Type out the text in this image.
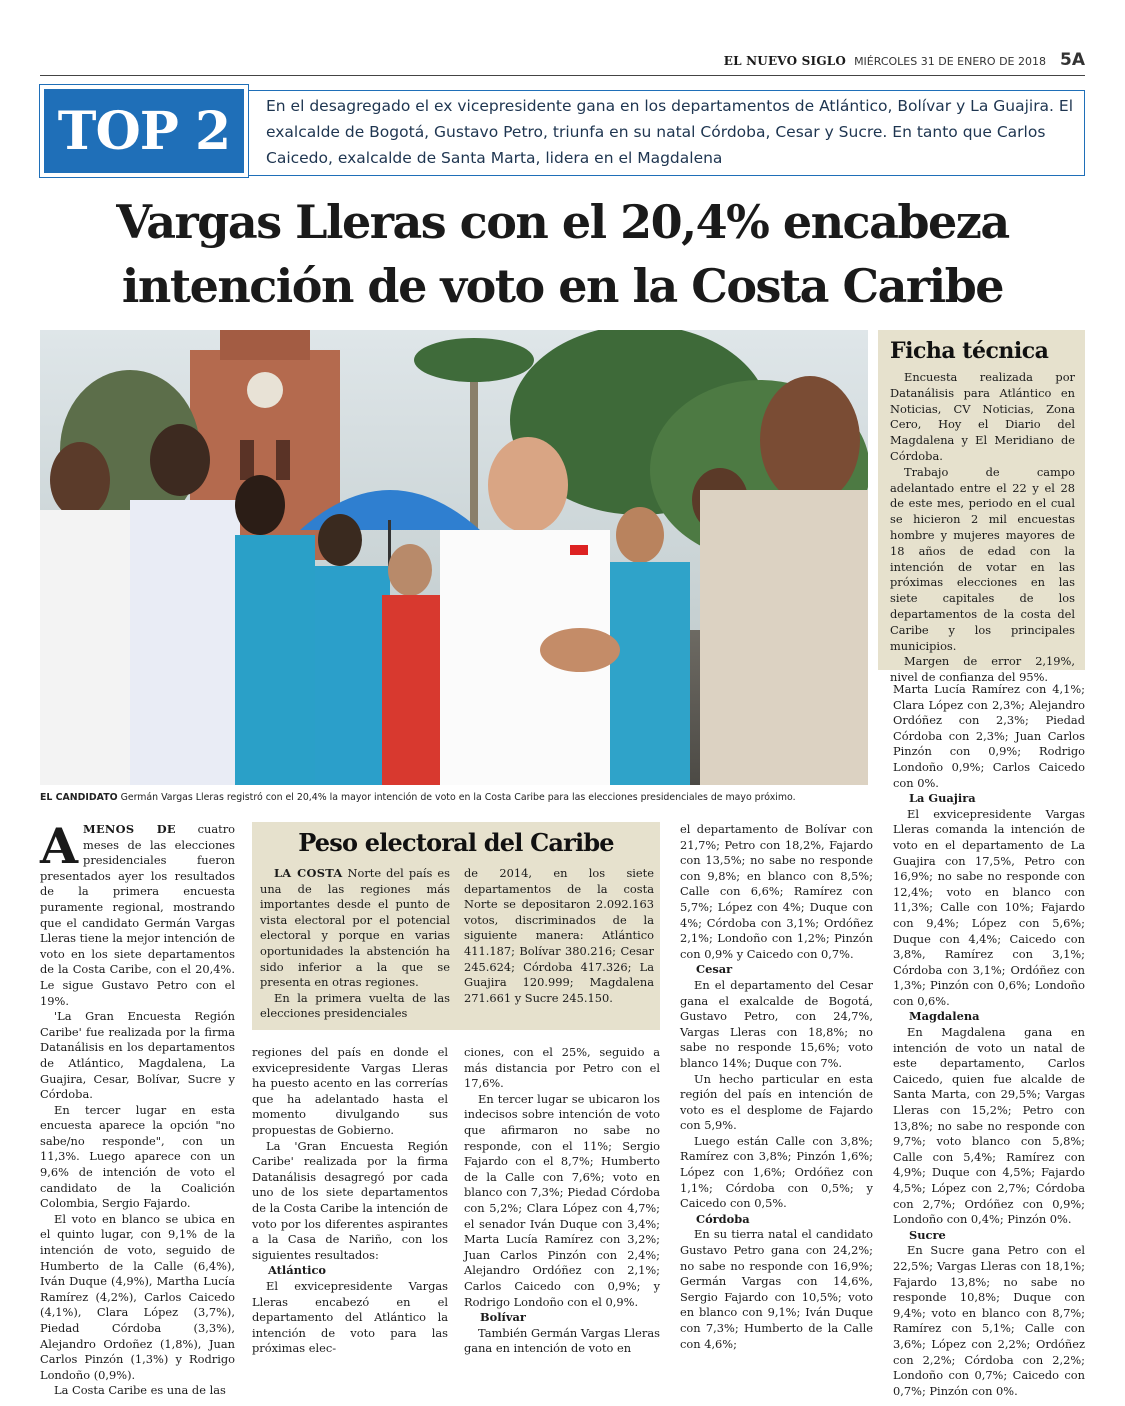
EL NUEVO SIGLO MIÉRCOLES 31 DE ENERO DE 2018 5A
TOP 2 En el desagregado el ex vicepresidente gana en los departamentos de Atlántico, Bolívar y La Guajira. El exalcalde de Bogotá, Gustavo Petro, triunfa en su natal Córdoba, Cesar y Sucre. En tanto que Carlos Caicedo, exalcalde de Santa Marta, lidera en el Magdalena
Vargas Lleras con el 20,4% encabeza
intención de voto en la Costa Caribe
EL CANDIDATO Germán Vargas Lleras registró con el 20,4% la mayor intención de voto en la Costa Caribe para las elecciones presidenciales de mayo próximo.
Ficha técnica

Encuesta realizada por Datanálisis para Atlántico en Noticias, CV Noticias, Zona Cero, Hoy el Diario del Magdalena y El Meridiano de Córdoba.

Trabajo de campo adelantado entre el 22 y el 28 de este mes, periodo en el cual se hicieron 2 mil encuestas hombre y mujeres mayores de 18 años de edad con la intención de votar en las próximas elecciones en las siete capitales de los departamentos de la costa del Caribe y los principales municipios.

Margen de error 2,19%, nivel de confianza del 95%.

AMENOS DE cuatro meses de las elecciones presidenciales fueron presentados ayer los resultados de la primera encuesta puramente regional, mostrando que el candidato Germán Vargas Lleras tiene la mejor intención de voto en los siete departamentos de la Costa Caribe, con el 20,4%. Le sigue Gustavo Petro con el 19%.

'La Gran Encuesta Región Caribe' fue realizada por la firma Datanálisis en los departamentos de Atlántico, Magdalena, La Guajira, Cesar, Bolívar, Sucre y Córdoba.

En tercer lugar en esta encuesta aparece la opción "no sabe/no responde", con un 11,3%. Luego aparece con un 9,6% de intención de voto el candidato de la Coalición Colombia, Sergio Fajardo.

El voto en blanco se ubica en el quinto lugar, con 9,1% de la intención de voto, seguido de Humberto de la Calle (6,4%), Iván Duque (4,9%), Martha Lucía Ramírez (4,2%), Carlos Caicedo (4,1%), Clara López (3,7%), Piedad Córdoba (3,3%), Alejandro Ordoñez (1,8%), Juan Carlos Pinzón (1,3%) y Rodrigo Londoño (0,9%).

La Costa Caribe es una de las

Peso electoral del Caribe

LA COSTA Norte del país es una de las regiones más importantes desde el punto de vista electoral por el potencial electoral y porque en varias oportunidades la abstención ha sido inferior a la que se presenta en otras regiones.

En la primera vuelta de las elecciones presidenciales

de 2014, en los siete departamentos de la costa Norte se depositaron 2.092.163 votos, discriminados de la siguiente manera: Atlántico 411.187; Bolívar 380.216; Cesar 245.624; Córdoba 417.326; La Guajira 120.999; Magdalena 271.661 y Sucre 245.150.

regiones del país en donde el exvicepresidente Vargas Lleras ha puesto acento en las correrías que ha adelantado hasta el momento divulgando sus propuestas de Gobierno.

La 'Gran Encuesta Región Caribe' realizada por la firma Datanálisis desagregó por cada uno de los siete departamentos de la Costa Caribe la intención de voto por los diferentes aspirantes a la Casa de Nariño, con los siguientes resultados:

Atlántico

El exvicepresidente Vargas Lleras encabezó en el departamento del Atlántico la intención de voto para las próximas elec-

ciones, con el 25%, seguido a más distancia por Petro con el 17,6%.

En tercer lugar se ubicaron los indecisos sobre intención de voto que afirmaron no sabe no responde, con el 11%; Sergio Fajardo con el 8,7%; Humberto de la Calle con 7,6%; voto en blanco con 7,3%; Piedad Córdoba con 5,2%; Clara López con 4,7%; el senador Iván Duque con 3,4%; Marta Lucía Ramírez con 3,2%; Juan Carlos Pinzón con 2,4%; Alejandro Ordóñez con 2,1%; Carlos Caicedo con 0,9%; y Rodrigo Londoño con el 0,9%.

Bolívar

También Germán Vargas Lleras gana en intención de voto en

el departamento de Bolívar con 21,7%; Petro con 18,2%, Fajardo con 13,5%; no sabe no responde con 9,8%; en blanco con 8,5%; Calle con 6,6%; Ramírez con 5,7%; López con 4%; Duque con 4%; Córdoba con 3,1%; Ordóñez 2,1%; Londoño con 1,2%; Pinzón con 0,9% y Caicedo con 0,7%.

Cesar

En el departamento del Cesar gana el exalcalde de Bogotá, Gustavo Petro, con 24,7%, Vargas Lleras con 18,8%; no sabe no responde 15,6%; voto blanco 14%; Duque con 7%.

Un hecho particular en esta región del país en intención de voto es el desplome de Fajardo con 5,9%.

Luego están Calle con 3,8%; Ramírez con 3,8%; Pinzón 1,6%; López con 1,6%; Ordóñez con 1,1%; Córdoba con 0,5%; y Caicedo con 0,5%.

Córdoba

En su tierra natal el candidato Gustavo Petro gana con 24,2%; no sabe no responde con 16,9%; Germán Vargas con 14,6%, Sergio Fajardo con 10,5%; voto en blanco con 9,1%; Iván Duque con 7,3%; Humberto de la Calle con 4,6%;

Marta Lucía Ramírez con 4,1%; Clara López con 2,3%; Alejandro Ordóñez con 2,3%; Piedad Córdoba con 2,3%; Juan Carlos Pinzón con 0,9%; Rodrigo Londoño 0,9%; Carlos Caicedo con 0%.

La Guajira

El exvicepresidente Vargas Lleras comanda la intención de voto en el departamento de La Guajira con 17,5%, Petro con 16,9%; no sabe no responde con 12,4%; voto en blanco con 11,3%; Calle con 10%; Fajardo con 9,4%; López con 5,6%; Duque con 4,4%; Caicedo con 3,8%, Ramírez con 3,1%; Córdoba con 3,1%; Ordóñez con 1,3%; Pinzón con 0,6%; Londoño con 0,6%.

Magdalena

En Magdalena gana en intención de voto un natal de este departamento, Carlos Caicedo, quien fue alcalde de Santa Marta, con 29,5%; Vargas Lleras con 15,2%; Petro con 13,8%; no sabe no responde con 9,7%; voto blanco con 5,8%; Calle con 5,4%; Ramírez con 4,9%; Duque con 4,5%; Fajardo 4,5%; López con 2,7%; Córdoba con 2,7%; Ordóñez con 0,9%; Londoño con 0,4%; Pinzón 0%.

Sucre

En Sucre gana Petro con el 22,5%; Vargas Lleras con 18,1%; Fajardo 13,8%; no sabe no responde 10,8%; Duque con 9,4%; voto en blanco con 8,7%; Ramírez con 5,1%; Calle con 3,6%; López con 2,2%; Ordóñez con 2,2%; Córdoba con 2,2%; Londoño con 0,7%; Caicedo con 0,7%; Pinzón con 0%.
